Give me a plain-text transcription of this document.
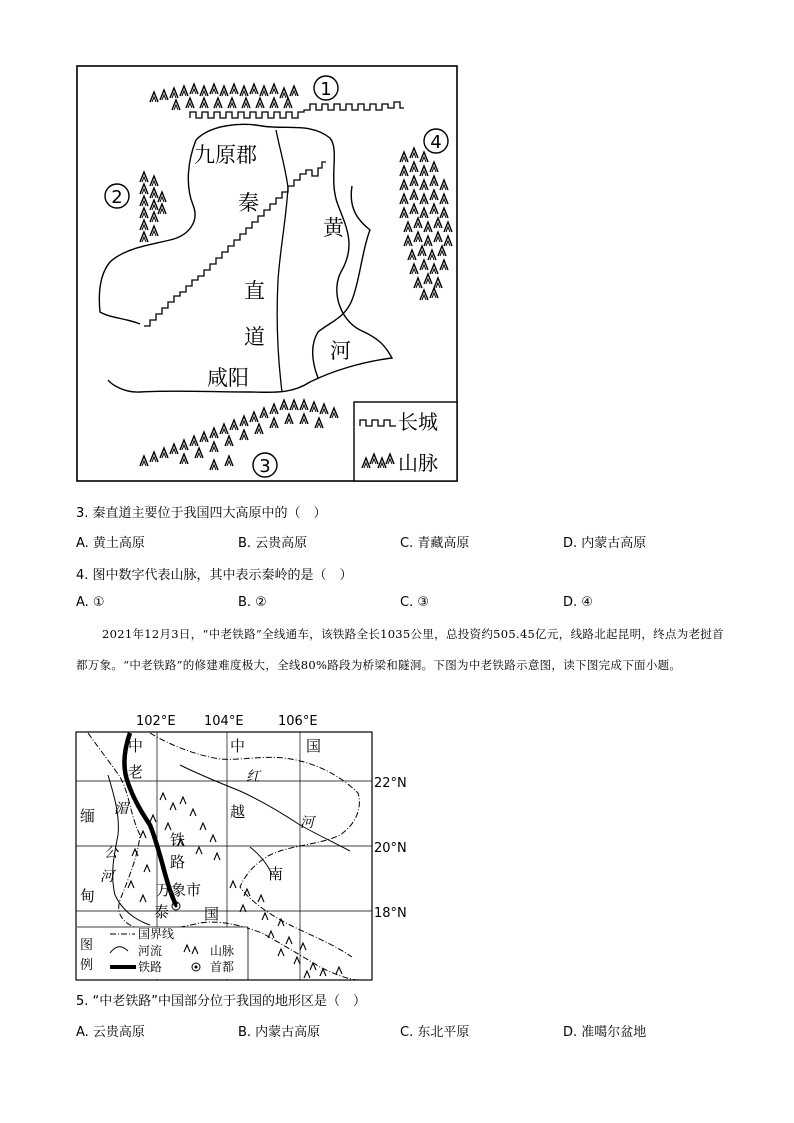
1
2
3
4
九原郡
秦
直
道
咸阳
黄
河
长城
山脉
3. 秦直道主要位于我国四大高原中的（　）
A. 黄土高原	B. 云贵高原	C. 青藏高原	D. 内蒙古高原
4. 图中数字代表山脉，其中表示秦岭的是（　）
A. ①	B. ②	C. ③	D. ④
2021年12月3日，“中老铁路”全线通车，该铁路全长1035公里，总投资约505.45亿元，线路北起昆明，终点为老挝首都万象。“中老铁路”的修建难度极大，全线80%路段为桥梁和隧洞。下图为中老铁路示意图，读下图完成下面小题。
102°E 104°E	106°E
22°N
20°N
18°N
中
老
中	国
红
河
越
南
缅
甸
湄
公
河
铁
路
万象市
泰 国
图
例
国界线
河流	山脉
铁路	首都
5. “中老铁路”中国部分位于我国的地形区是（　）
A. 云贵高原	B. 内蒙古高原	C. 东北平原	D. 准噶尔盆地
